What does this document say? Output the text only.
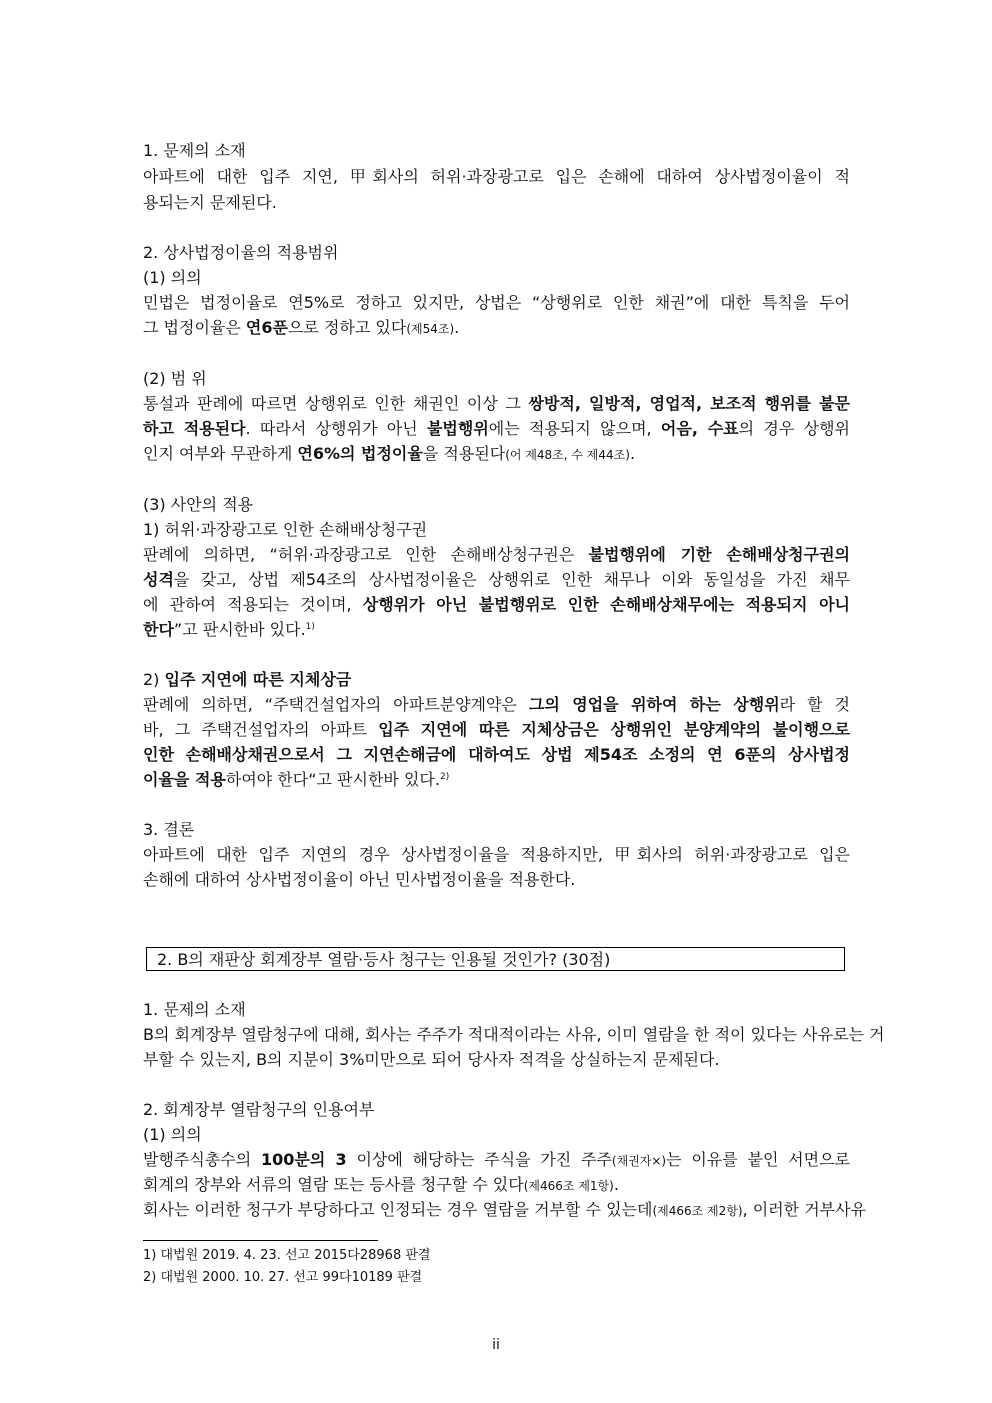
1. 문제의 소재
아파트에 대한 입주 지연, 甲회사의 허위·과장광고로 입은 손해에 대하여 상사법정이율이 적
용되는지 문제된다.
2. 상사법정이율의 적용범위
(1) 의의
민법은 법정이율로 연5%로 정하고 있지만, 상법은 “상행위로 인한 채권”에 대한 특칙을 두어
그 법정이율은 연6푼으로 정하고 있다(제54조).
(2) 범 위
통설과 판례에 따르면 상행위로 인한 채권인 이상 그 쌍방적, 일방적, 영업적, 보조적 행위를 불문
하고 적용된다. 따라서 상행위가 아닌 불법행위에는 적용되지 않으며, 어음, 수표의 경우 상행위
인지 여부와 무관하게 연6%의 법정이율을 적용된다(어 제48조, 수 제44조).
(3) 사안의 적용
1) 허위·과장광고로 인한 손해배상청구권
판례에 의하면, “허위·과장광고로 인한 손해배상청구권은 불법행위에 기한 손해배상청구권의
성격을 갖고, 상법 제54조의 상사법정이율은 상행위로 인한 채무나 이와 동일성을 가진 채무
에 관하여 적용되는 것이며, 상행위가 아닌 불법행위로 인한 손해배상채무에는 적용되지 아니
한다”고 판시한바 있다.$^{1)}$
2) 입주 지연에 따른 지체상금
판례에 의하면, “주택건설업자의 아파트분양계약은 그의 영업을 위하여 하는 상행위라 할 것
바, 그 주택건설업자의 아파트 입주 지연에 따른 지체상금은 상행위인 분양계약의 불이행으로
인한 손해배상채권으로서 그 지연손해금에 대하여도 상법 제54조 소정의 연 6푼의 상사법정
이율을 적용하여야 한다“고 판시한바 있다.$^{2)}$
3. 결론
아파트에 대한 입주 지연의 경우 상사법정이율을 적용하지만, 甲회사의 허위·과장광고로 입은
손해에 대하여 상사법정이율이 아닌 민사법정이율을 적용한다.
2. B의 재판상 회계장부 열람·등사 청구는 인용될 것인가? (30점)
1. 문제의 소재
B의 회계장부 열람청구에 대해, 회사는 주주가 적대적이라는 사유, 이미 열람을 한 적이 있다는 사유로는 거
부할 수 있는지, B의 지분이 3%미만으로 되어 당사자 적격을 상실하는지 문제된다.
2. 회계장부 열람청구의 인용여부
(1) 의의
발행주식총수의 100분의 3 이상에 해당하는 주식을 가진 주주(채권자×)는 이유를 붙인 서면으로
회계의 장부와 서류의 열람 또는 등사를 청구할 수 있다(제466조 제1항).
회사는 이러한 청구가 부당하다고 인정되는 경우 열람을 거부할 수 있는데(제466조 제2항), 이러한 거부사유
1) 대법원 2019. 4. 23. 선고 2015다28968 판결
2) 대법원 2000. 10. 27. 선고 99다10189 판결
ii
